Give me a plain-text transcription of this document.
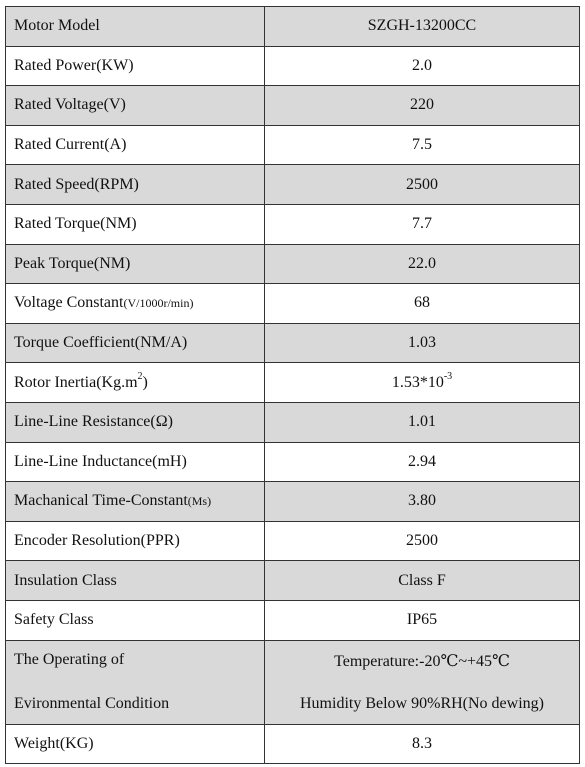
Motor Model	SZGH-13200CC
Rated Power(KW)	2.0
Rated Voltage(V)	220
Rated Current(A)	7.5
Rated Speed(RPM)	2500
Rated Torque(NM)	7.7
Peak Torque(NM)	22.0
Voltage Constant(V/1000r/min)	68
Torque Coefficient(NM/A)	1.03
Rotor $Inertia(Kg.m^2)$	$1.53*10^{-3}$
Line-Line Resistance(Ω)	1.01
Line-Line Inductance(mH)	2.94
Machanical Time-Constant(Ms)	3.80
Encoder Resolution(PPR)	2500
Insulation Class	Class F
Safety Class	IP65

The Operating of
Evironmental Condition	Temperature:-20℃~+45℃
Humidity Below 90%RH(No dewing)

Weight(KG)	8.3
